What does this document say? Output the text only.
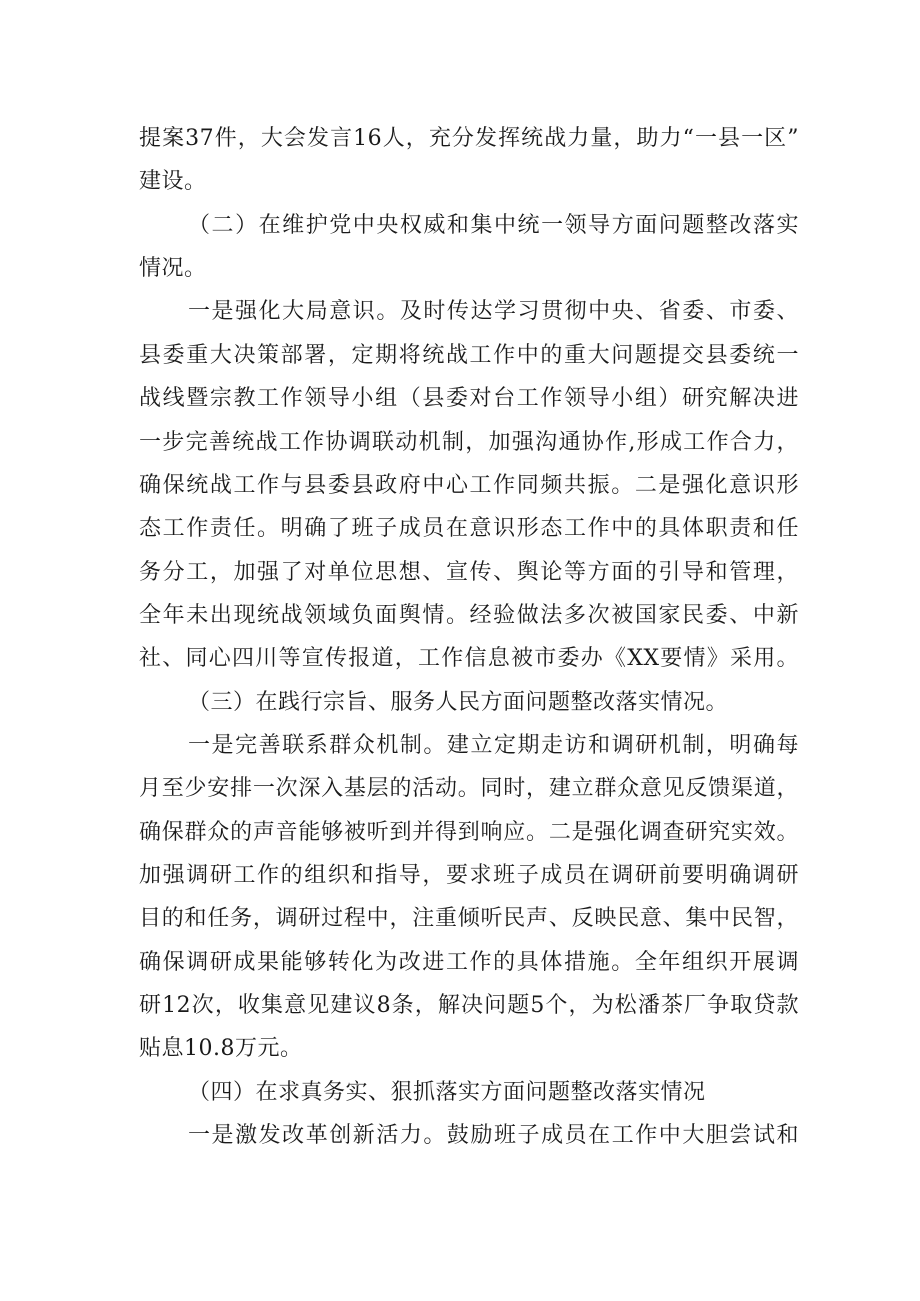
提案37件，大会发言16人，充分发挥统战力量，助力“一县一区”
建设。
（二）在维护党中央权威和集中统一领导方面问题整改落实
情况。
一是强化大局意识。及时传达学习贯彻中央、省委、市委、
县委重大决策部署，定期将统战工作中的重大问题提交县委统一
战线暨宗教工作领导小组（县委对台工作领导小组）研究解决进
一步完善统战工作协调联动机制，加强沟通协作,形成工作合力，
确保统战工作与县委县政府中心工作同频共振。二是强化意识形
态工作责任。明确了班子成员在意识形态工作中的具体职责和任
务分工，加强了对单位思想、宣传、舆论等方面的引导和管理，
全年未出现统战领域负面舆情。经验做法多次被国家民委、中新
社、同心四川等宣传报道，工作信息被市委办《XX要情》采用。
（三）在践行宗旨、服务人民方面问题整改落实情况。
一是完善联系群众机制。建立定期走访和调研机制，明确每
月至少安排一次深入基层的活动。同时，建立群众意见反馈渠道，
确保群众的声音能够被听到并得到响应。二是强化调查研究实效。
加强调研工作的组织和指导，要求班子成员在调研前要明确调研
目的和任务，调研过程中，注重倾听民声、反映民意、集中民智，
确保调研成果能够转化为改进工作的具体措施。全年组织开展调
研12次，收集意见建议8条，解决问题5个，为松潘茶厂争取贷款
贴息10.8万元。
（四）在求真务实、狠抓落实方面问题整改落实情况
一是激发改革创新活力。鼓励班子成员在工作中大胆尝试和
